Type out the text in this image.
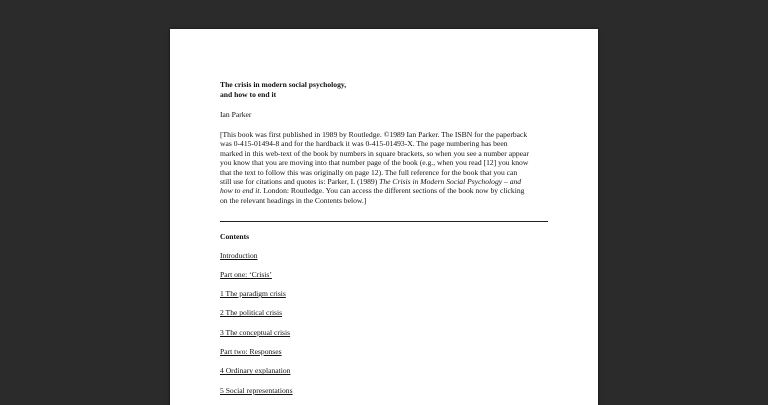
The crisis in modern social psychology,
and how to end it

Ian Parker

[This book was first published in 1989 by Routledge. ©1989 Ian Parker. The ISBN for the paperback was 0-415-01494-8 and for the hardback it was 0-415-01493-X. The page numbering has been marked in this web-text of the book by numbers in square brackets, so when you see a number appear you know that you are moving into that number page of the book (e.g., when you read [12] you know that the text to follow this was originally on page 12). The full reference for the book that you can still use for citations and quotes is: Parker, I. (1989) The Crisis in Modern Social Psychology – and how to end it. London: Routledge. You can access the different sections of the book now by clicking on the relevant headings in the Contents below.]

Contents

Introduction
Part one: ‘Crisis’
1 The paradigm crisis
2 The political crisis
3 The conceptual crisis
Part two: Responses
4 Ordinary explanation
5 Social representations
